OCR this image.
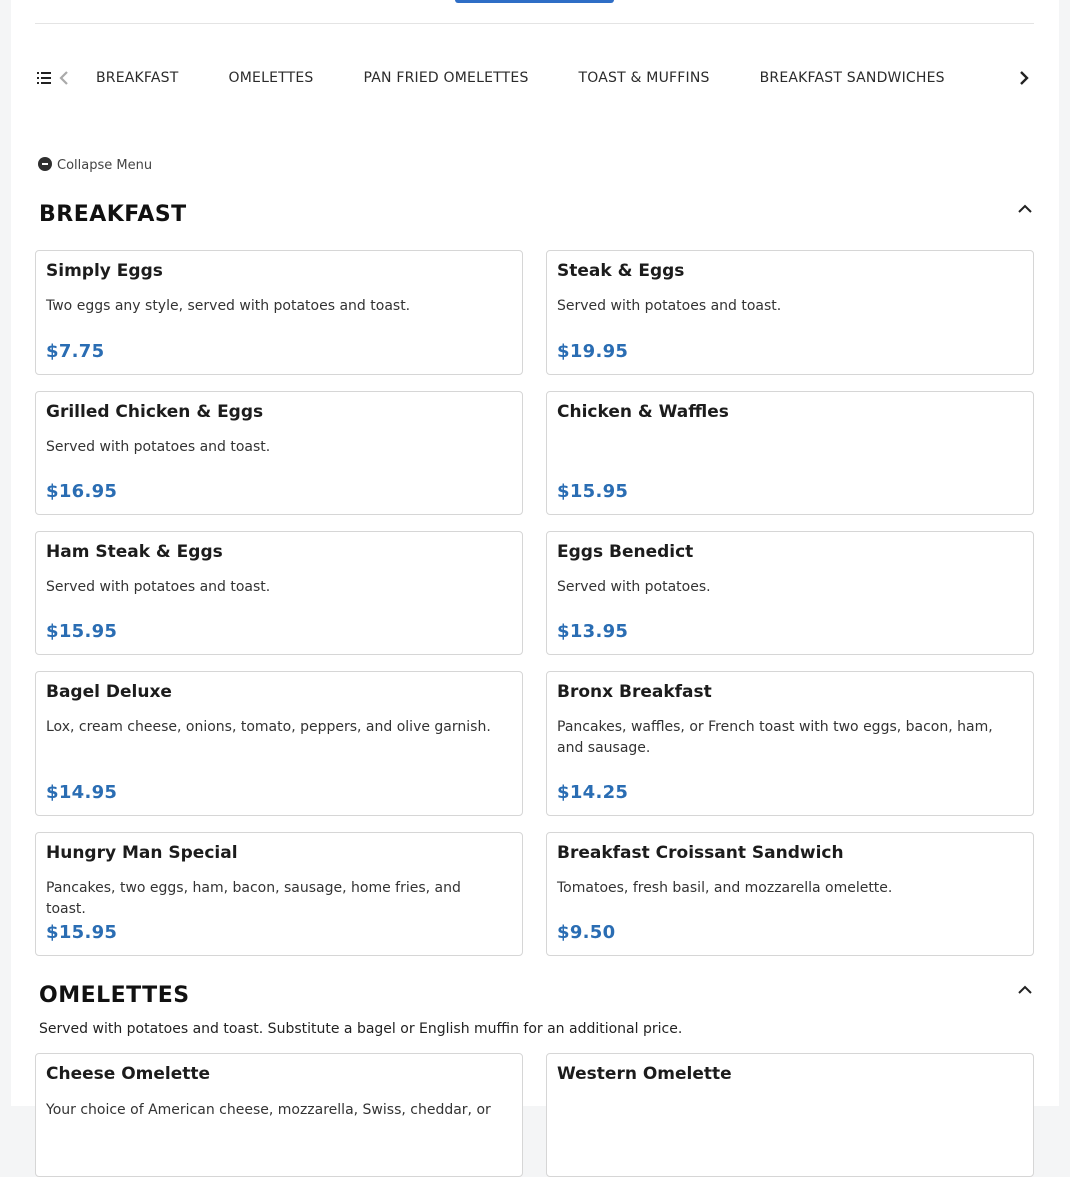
BREAKFAST	OMELETTES	PAN FRIED OMELETTES	TOAST & MUFFINS	BREAKFAST SANDWICHES
Collapse Menu
BREAKFAST
Simply Eggs
Two eggs any style, served with potatoes and toast.
$7.75
Steak & Eggs
Served with potatoes and toast.
$19.95
Grilled Chicken & Eggs
Served with potatoes and toast.
$16.95
Chicken & Waffles
$15.95
Ham Steak & Eggs
Served with potatoes and toast.
$15.95
Eggs Benedict
Served with potatoes.
$13.95
Bagel Deluxe
Lox, cream cheese, onions, tomato, peppers, and olive garnish.
$14.95
Bronx Breakfast
Pancakes, waffles, or French toast with two eggs, bacon, ham, and sausage.
$14.25
Hungry Man Special
Pancakes, two eggs, ham, bacon, sausage, home fries, and toast.
$15.95
Breakfast Croissant Sandwich
Tomatoes, fresh basil, and mozzarella omelette.
$9.50
OMELETTES
Served with potatoes and toast. Substitute a bagel or English muffin for an additional price.
Cheese Omelette
Your choice of American cheese, mozzarella, Swiss, cheddar, or
Western Omelette
